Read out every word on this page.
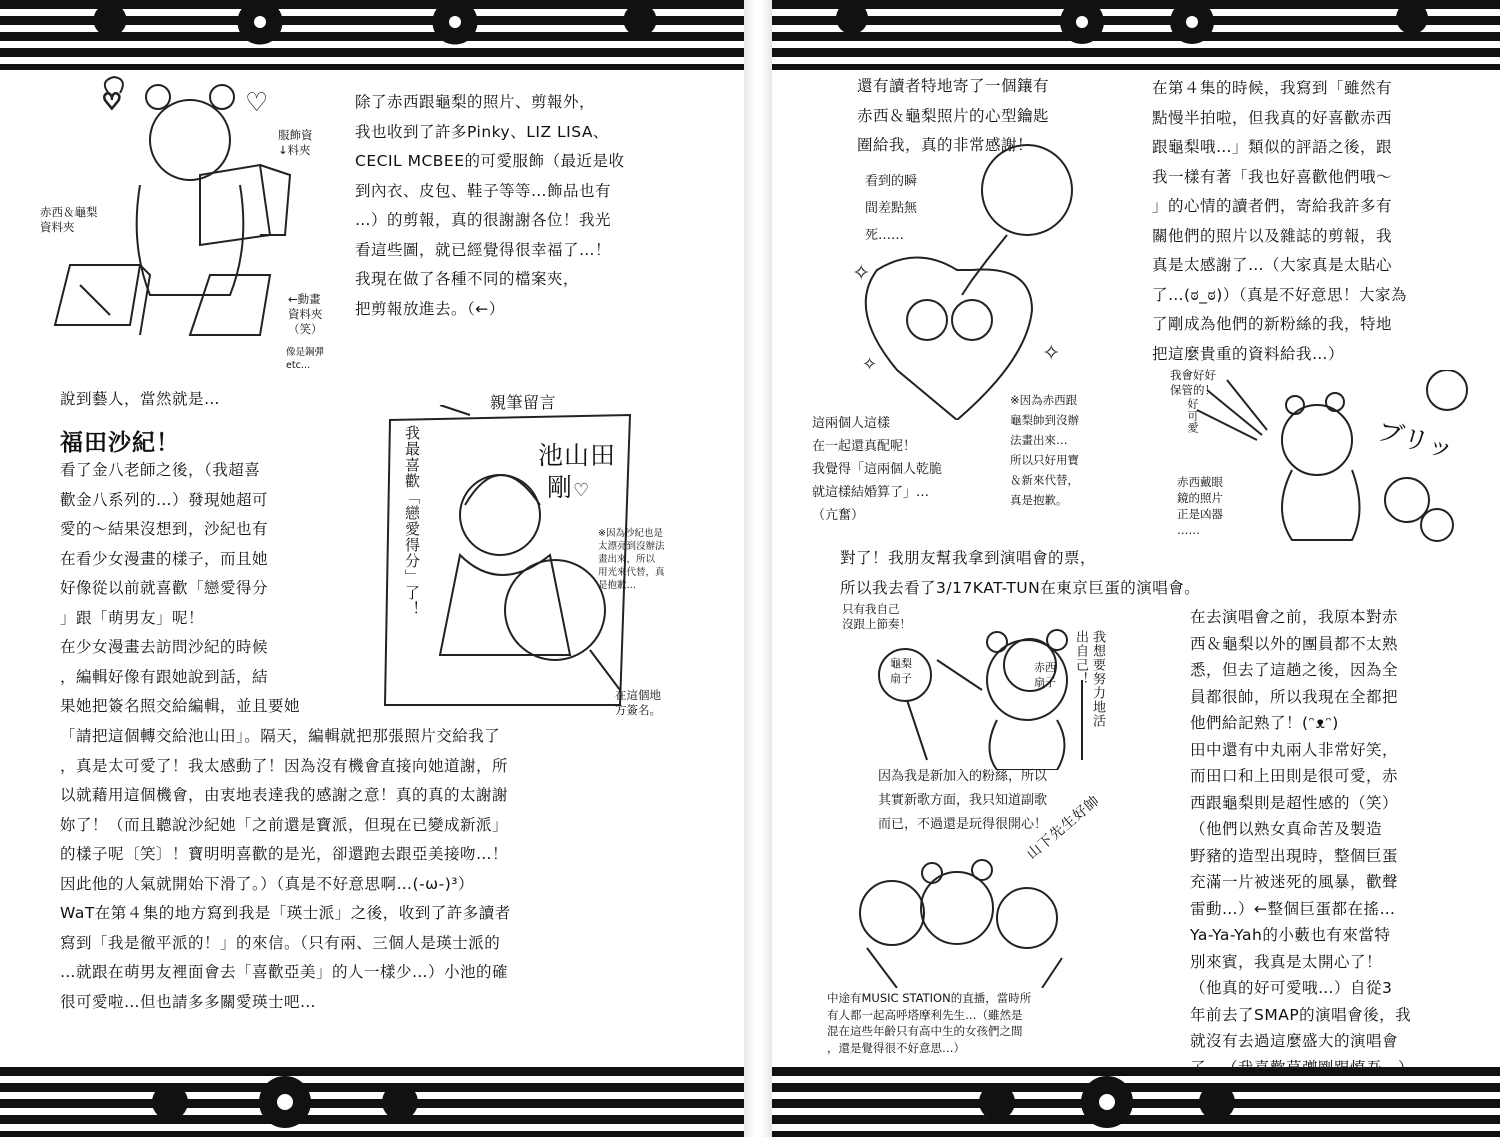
♡	♡
服飾資
↓料夾
赤西＆龜梨
資料夾
←動畫
資料夾
（笑）
像是鋼彈
etc…
除了赤西跟龜梨的照片、剪報外，
我也收到了許多Pinky、LIZ LISA、
CECIL MCBEE的可愛服飾（最近是收
到內衣、皮包、鞋子等等…飾品也有
…）的剪報，真的很謝謝各位！我光
看這些圖，就已經覺得很幸福了…！
我現在做了各種不同的檔案夾，
把剪報放進去。（←）
說到藝人，當然就是…
福田沙紀！
看了金八老師之後，（我超喜
歡金八系列的…）發現她超可
愛的～結果沒想到，沙紀也有
在看少女漫畫的樣子，而且她
好像從以前就喜歡「戀愛得分
」跟「萌男友」呢！
在少女漫畫去訪問沙紀的時候
，編輯好像有跟她說到話，結
果她把簽名照交給編輯，並且要她
親筆留言
我最喜歡「戀愛得分」了！	池山田
剛♡
※因為沙紀也是
太漂亮到沒辦法
畫出來，所以
用光來代替，真
是抱歉…
在這個地
方簽名。
「請把這個轉交給池山田」。隔天，編輯就把那張照片交給我了
，真是太可愛了！我太感動了！因為沒有機會直接向她道謝，所
以就藉用這個機會，由衷地表達我的感謝之意！真的真的太謝謝
妳了！（而且聽說沙紀她「之前還是寶派，但現在已變成新派」
的樣子呢〔笑〕！寶明明喜歡的是光，卻還跑去跟亞美接吻…！
因此他的人氣就開始下滑了。）（真是不好意思啊…(-ω-)³）
WaT在第４集的地方寫到我是「瑛士派」之後，收到了許多讀者
寫到「我是徹平派的！」的來信。（只有兩、三個人是瑛士派的
…就跟在萌男友裡面會去「喜歡亞美」的人一樣少…）小池的確
很可愛啦…但也請多多關愛瑛士吧…
還有讀者特地寄了一個鑲有
赤西＆龜梨照片的心型鑰匙
圈給我，真的非常感謝！
看到的瞬
間差點無
死……
✧
✧	✧
※因為赤西跟
龜梨帥到沒辦
法畫出來…
所以只好用寶
＆新來代替，
真是抱歉。
這兩個人這樣
在一起還真配呢！
我覺得「這兩個人乾脆
就這樣結婚算了」…
（亢奮）
在第４集的時候，我寫到「雖然有
點慢半拍啦，但我真的好喜歡赤西
跟龜梨哦…」類似的評語之後，跟
我一樣有著「我也好喜歡他們哦～
」的心情的讀者們，寄給我許多有
關他們的照片以及雜誌的剪報，我
真是太感謝了…（大家真是太貼心
了…(ಠ_ಠ)）（真是不好意思！大家為
了剛成為他們的新粉絲的我，特地
把這麼貴重的資料給我…）
我會好好
保管的！
好可愛
ブリッ
赤西戴眼
鏡的照片
正是凶器
……
對了！我朋友幫我拿到演唱會的票，
所以我去看了3/17KAT-TUN在東京巨蛋的演唱會。
只有我自己
沒跟上節奏！
龜梨
扇子
赤西
扇子	我想要努力地活出自己！
因為我是新加入的粉絲，所以
其實新歌方面，我只知道副歌
而已，不過還是玩得很開心！
山下先生好帥
中途有MUSIC STATION的直播，當時所
有人都一起高呼塔摩利先生…（雖然是
混在這些年齡只有高中生的女孩們之間
，還是覺得很不好意思…）
在去演唱會之前，我原本對赤
西＆龜梨以外的團員都不太熟
悉，但去了這趟之後，因為全
員都很帥，所以我現在全都把
他們給記熟了！(ᵔᴥᵔ)
田中還有中丸兩人非常好笑，
而田口和上田則是很可愛，赤
西跟龜梨則是超性感的（笑）
（他們以熟女真命苦及製造
野豬的造型出現時，整個巨蛋
充滿一片被迷死的風暴，歡聲
雷動…）←整個巨蛋都在搖…
Ya-Ya-Yah的小藪也有來當特
別來賓，我真是太開心了！
（他真的好可愛哦…）自從3
年前去了SMAP的演唱會後，我
就沒有去過這麼盛大的演唱會
